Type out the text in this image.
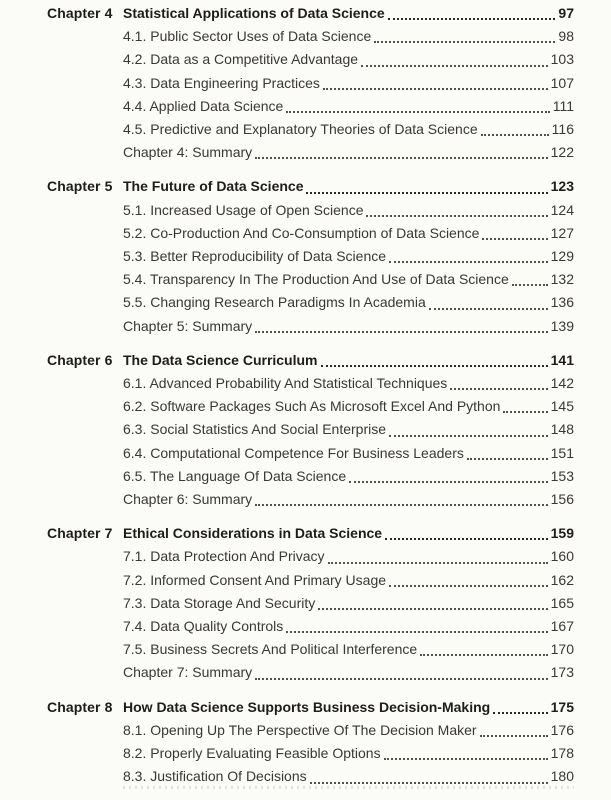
Chapter 4 Statistical Applications of Data Science	97
4.1. Public Sector Uses of Data Science	98
4.2. Data as a Competitive Advantage	103
4.3. Data Engineering Practices	107
4.4. Applied Data Science	111
4.5. Predictive and Explanatory Theories of Data Science	116
Chapter 4: Summary	122
Chapter 5 The Future of Data Science	123
5.1. Increased Usage of Open Science	124
5.2. Co-Production And Co-Consumption of Data Science	127
5.3. Better Reproducibility of Data Science	129
5.4. Transparency In The Production And Use of Data Science	132
5.5. Changing Research Paradigms In Academia	136
Chapter 5: Summary	139
Chapter 6 The Data Science Curriculum	141
6.1. Advanced Probability And Statistical Techniques	142
6.2. Software Packages Such As Microsoft Excel And Python	145
6.3. Social Statistics And Social Enterprise	148
6.4. Computational Competence For Business Leaders	151
6.5. The Language Of Data Science	153
Chapter 6: Summary	156
Chapter 7 Ethical Considerations in Data Science	159
7.1. Data Protection And Privacy	160
7.2. Informed Consent And Primary Usage	162
7.3. Data Storage And Security	165
7.4. Data Quality Controls	167
7.5. Business Secrets And Political Interference	170
Chapter 7: Summary	173
Chapter 8 How Data Science Supports Business Decision-Making	175
8.1. Opening Up The Perspective Of The Decision Maker	176
8.2. Properly Evaluating Feasible Options	178
8.3. Justification Of Decisions	180
